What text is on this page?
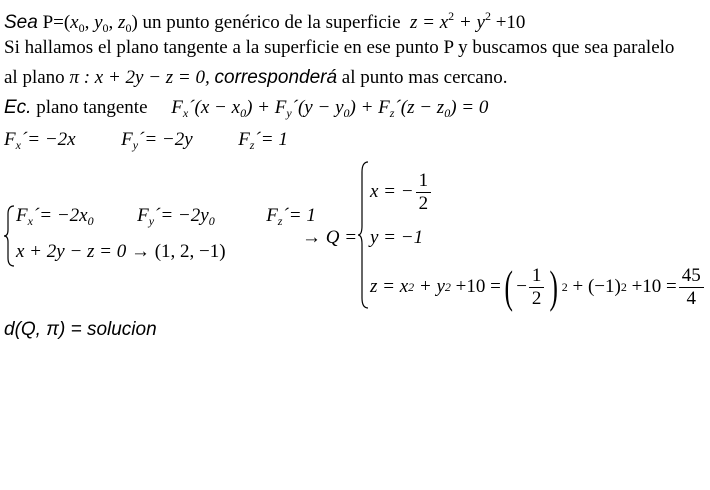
Sea $P=(x_0$, $y_0$, $z_0$) un punto genérico de la superficie $z = x^2 + y^2 +10$
Si hallamos el plano tangente a la superficie en ese punto P y buscamos que sea paralelo
al plano π : x + 2y − z = 0, corresponderá al punto mas cercano.
Ec. plano tangente $F_x´(x - x_0)$ + $F_y´(y - y_0)$ + $F_z´(z - z_0) = 0$
$F_x´= -2x$ $F_y´= -2y$ $F_z´= 1$
$F_x´= -2x_0$ $F_y´= -2y_0$	$F_z´= 1$
x + 2y − z = 0 → (1, 2, −1)
→ Q =
x = − $\frac{1}{2}$
y = −1
z = x 2
+ y 2
+10 = ( − $\frac{1}{2}$ ) 2
+
(−1) 2
$+10 = \frac{45}{4}$
d(Q, π) = solucion
